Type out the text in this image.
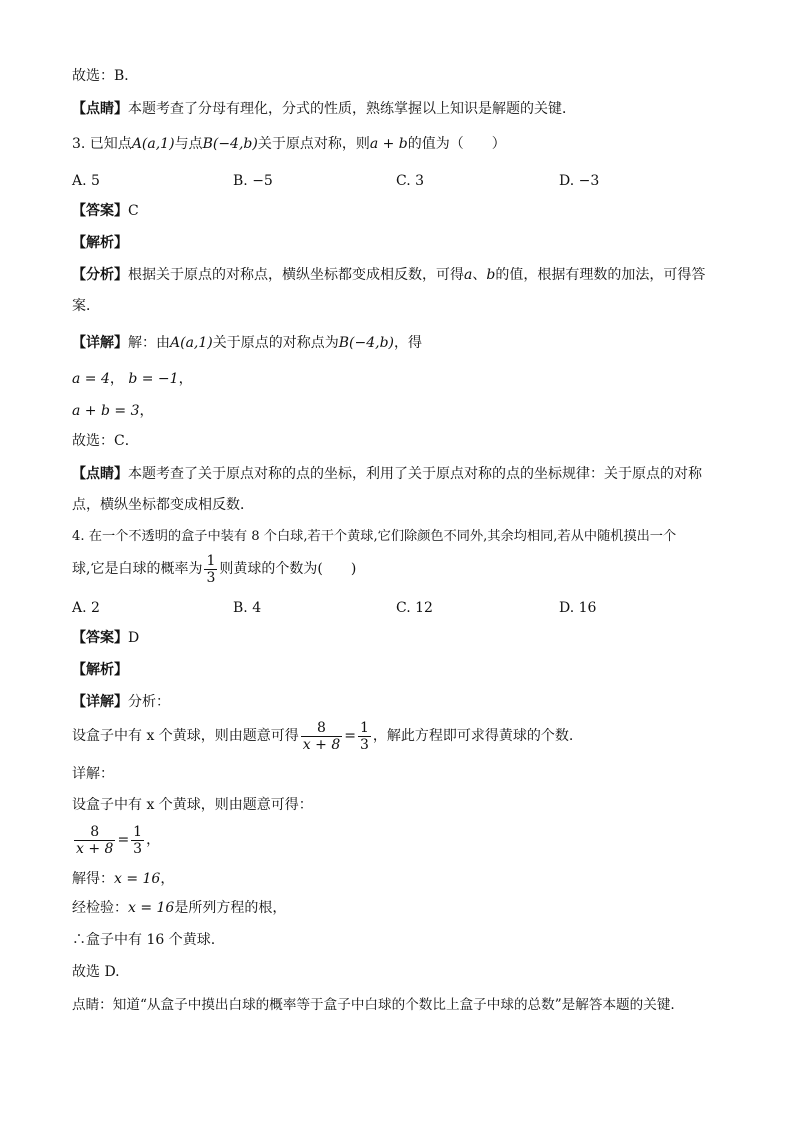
故选：B．
【点睛】本题考查了分母有理化，分式的性质，熟练掌握以上知识是解题的关键．
3. 已知点A(a,1)与点B(−4,b)关于原点对称，则a + b的值为（　　）
A. 5	B. −5	C. 3	D. −3
【答案】C
【解析】
【分析】根据关于原点的对称点，横纵坐标都变成相反数，可得a、b的值，根据有理数的加法，可得答
案．
【详解】解：由A(a,1)关于原点的对称点为B(−4,b)，得
a = 4， b = −1，
a + b = 3，
故选：C．
【点睛】本题考查了关于原点对称的点的坐标，利用了关于原点对称的点的坐标规律：关于原点的对称
点，横纵坐标都变成相反数．
4. 在一个不透明的盒子中装有 8 个白球,若干个黄球,它们除颜色不同外,其余均相同,若从中随机摸出一个
球,它是白球的概率为 $\frac{1}{3}$ 则黄球的个数为(　　)
A. 2	B. 4	C. 12	D. 16
【答案】D
【解析】
【详解】分析：
设盒子中有 x 个黄球，则由题意可得 $\frac{8}{x + 8} = \frac{1}{3}$ ，解此方程即可求得黄球的个数.
详解：
设盒子中有 x 个黄球，则由题意可得：
$\frac{8}{x + 8} = \frac{1}{3}$ ，
解得：x = 16，
经检验：x = 16是所列方程的根，
∴盒子中有 16 个黄球.
故选 D.
点睛：知道“从盒子中摸出白球的概率等于盒子中白球的个数比上盒子中球的总数”是解答本题的关键.
